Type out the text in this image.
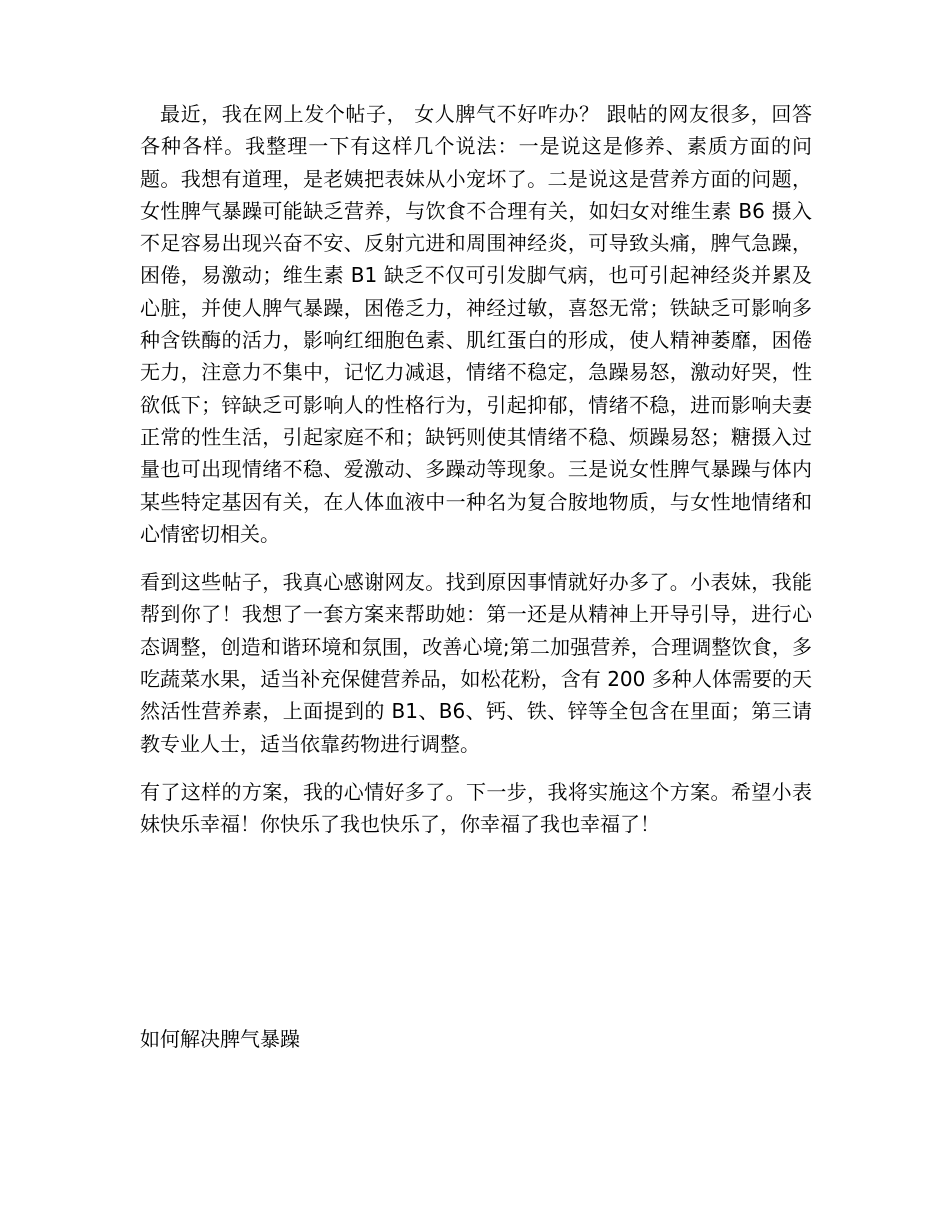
最近，我在网上发个帖子， 女人脾气不好咋办？ 跟帖的网友很多，回答各种各样。我整理一下有这样几个说法：一是说这是修养、素质方面的问题。我想有道理，是老姨把表妹从小宠坏了。二是说这是营养方面的问题，女性脾气暴躁可能缺乏营养，与饮食不合理有关，如妇女对维生素 B6 摄入不足容易出现兴奋不安、反射亢进和周围神经炎，可导致头痛，脾气急躁，困倦，易激动；维生素 B1 缺乏不仅可引发脚气病，也可引起神经炎并累及心脏，并使人脾气暴躁，困倦乏力，神经过敏，喜怒无常；铁缺乏可影响多种含铁酶的活力，影响红细胞色素、肌红蛋白的形成，使人精神萎靡，困倦无力，注意力不集中，记忆力减退，情绪不稳定，急躁易怒，激动好哭，性欲低下；锌缺乏可影响人的性格行为，引起抑郁，情绪不稳，进而影响夫妻正常的性生活，引起家庭不和；缺钙则使其情绪不稳、烦躁易怒；糖摄入过量也可出现情绪不稳、爱激动、多躁动等现象。三是说女性脾气暴躁与体内某些特定基因有关，在人体血液中一种名为复合胺地物质，与女性地情绪和心情密切相关。

看到这些帖子，我真心感谢网友。找到原因事情就好办多了。小表妹，我能帮到你了！我想了一套方案来帮助她：第一还是从精神上开导引导，进行心态调整，创造和谐环境和氛围，改善心境;第二加强营养，合理调整饮食，多吃蔬菜水果，适当补充保健营养品，如松花粉，含有 200 多种人体需要的天然活性营养素，上面提到的 B1、B6、钙、铁、锌等全包含在里面；第三请教专业人士，适当依靠药物进行调整。

有了这样的方案，我的心情好多了。下一步，我将实施这个方案。希望小表妹快乐幸福！你快乐了我也快乐了，你幸福了我也幸福了！

如何解决脾气暴躁
